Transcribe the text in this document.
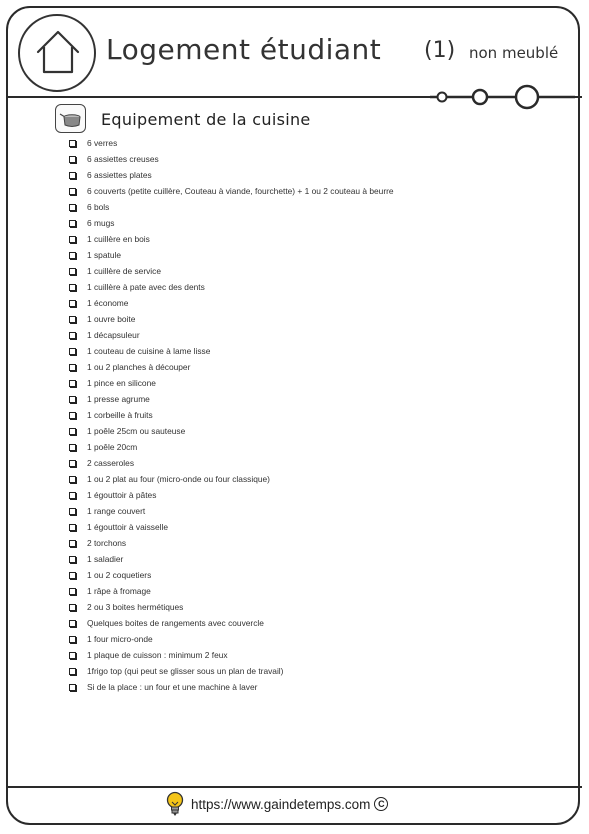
Logement étudiant (1) non meublé
Equipement de la cuisine
6 verres
6 assiettes creuses
6 assiettes plates
6 couverts (petite cuillère, Couteau à viande, fourchette) + 1 ou 2 couteau à beurre
6 bols
6 mugs
1 cuillère en bois
1 spatule
1 cuillère de service
1 cuillère à pate avec des dents
1 économe
1 ouvre boite
1 décapsuleur
1 couteau de cuisine à lame lisse
1 ou 2 planches à découper
1 pince en silicone
1 presse agrume
1 corbeille à fruits
1 poêle 25cm ou sauteuse
1 poêle 20cm
2 casseroles
1 ou 2 plat au four (micro-onde ou four classique)
1 égouttoir à pâtes
1 range couvert
1 égouttoir à vaisselle
2 torchons
1 saladier
1 ou 2 coquetiers
1 râpe à fromage
2 ou 3 boites hermétiques
Quelques boites de rangements avec couvercle
1 four micro-onde
1 plaque de cuisson : minimum 2 feux
1frigo top (qui peut se glisser sous un plan de travail)
Si de la place : un four et une machine à laver
https://www.gaindetemps.com C
